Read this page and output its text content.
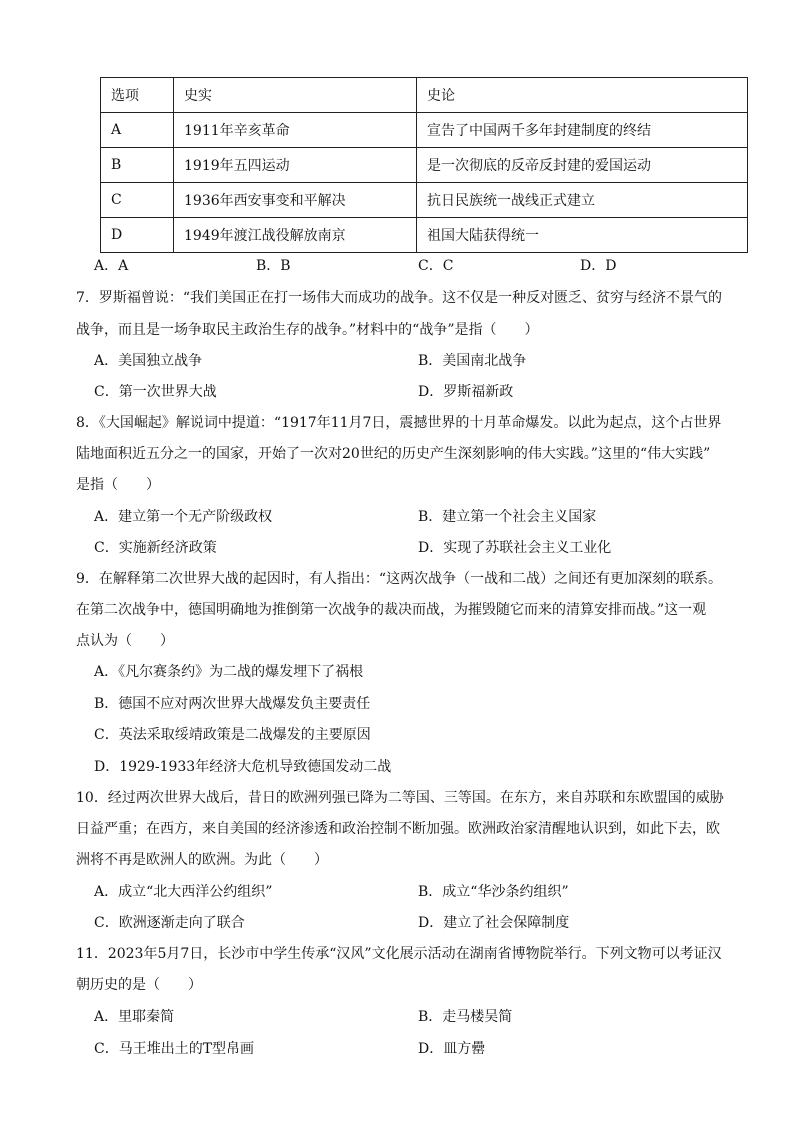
选项	史实	史论
A	1911年辛亥革命	宣告了中国两千多年封建制度的终结
B	1919年五四运动	是一次彻底的反帝反封建的爱国运动
C	1936年西安事变和平解决	抗日民族统一战线正式建立
D	1949年渡江战役解放南京	祖国大陆获得统一
A．A	B．B	C．C	D．D
7．罗斯福曾说：“我们美国正在打一场伟大而成功的战争。这不仅是一种反对匮乏、贫穷与经济不景气的
战争，而且是一场争取民主政治生存的战争。”材料中的“战争”是指（　　）
A．美国独立战争	B．美国南北战争
C．第一次世界大战	D．罗斯福新政
8．《大国崛起》解说词中提道：“1917年11月7日，震撼世界的十月革命爆发。以此为起点，这个占世界
陆地面积近五分之一的国家，开始了一次对20世纪的历史产生深刻影响的伟大实践。”这里的“伟大实践”
是指（　　）
A．建立第一个无产阶级政权	B．建立第一个社会主义国家
C．实施新经济政策	D．实现了苏联社会主义工业化
9．在解释第二次世界大战的起因时，有人指出：“这两次战争（一战和二战）之间还有更加深刻的联系。
在第二次战争中，德国明确地为推倒第一次战争的裁决而战，为摧毁随它而来的清算安排而战。”这一观
点认为（　　）
A．《凡尔赛条约》为二战的爆发埋下了祸根
B．德国不应对两次世界大战爆发负主要责任
C．英法采取绥靖政策是二战爆发的主要原因
D．1929-1933年经济大危机导致德国发动二战
10．经过两次世界大战后，昔日的欧洲列强已降为二等国、三等国。在东方，来自苏联和东欧盟国的威胁
日益严重；在西方，来自美国的经济渗透和政治控制不断加强。欧洲政治家清醒地认识到，如此下去，欧
洲将不再是欧洲人的欧洲。为此（　　）
A．成立“北大西洋公约组织”	B．成立“华沙条约组织”
C．欧洲逐渐走向了联合	D．建立了社会保障制度
11．2023年5月7日，长沙市中学生传承“汉风”文化展示活动在湖南省博物院举行。下列文物可以考证汉
朝历史的是（　　）
A．里耶秦简	B．走马楼吴简
C．马王堆出土的T型帛画	D．皿方罍
